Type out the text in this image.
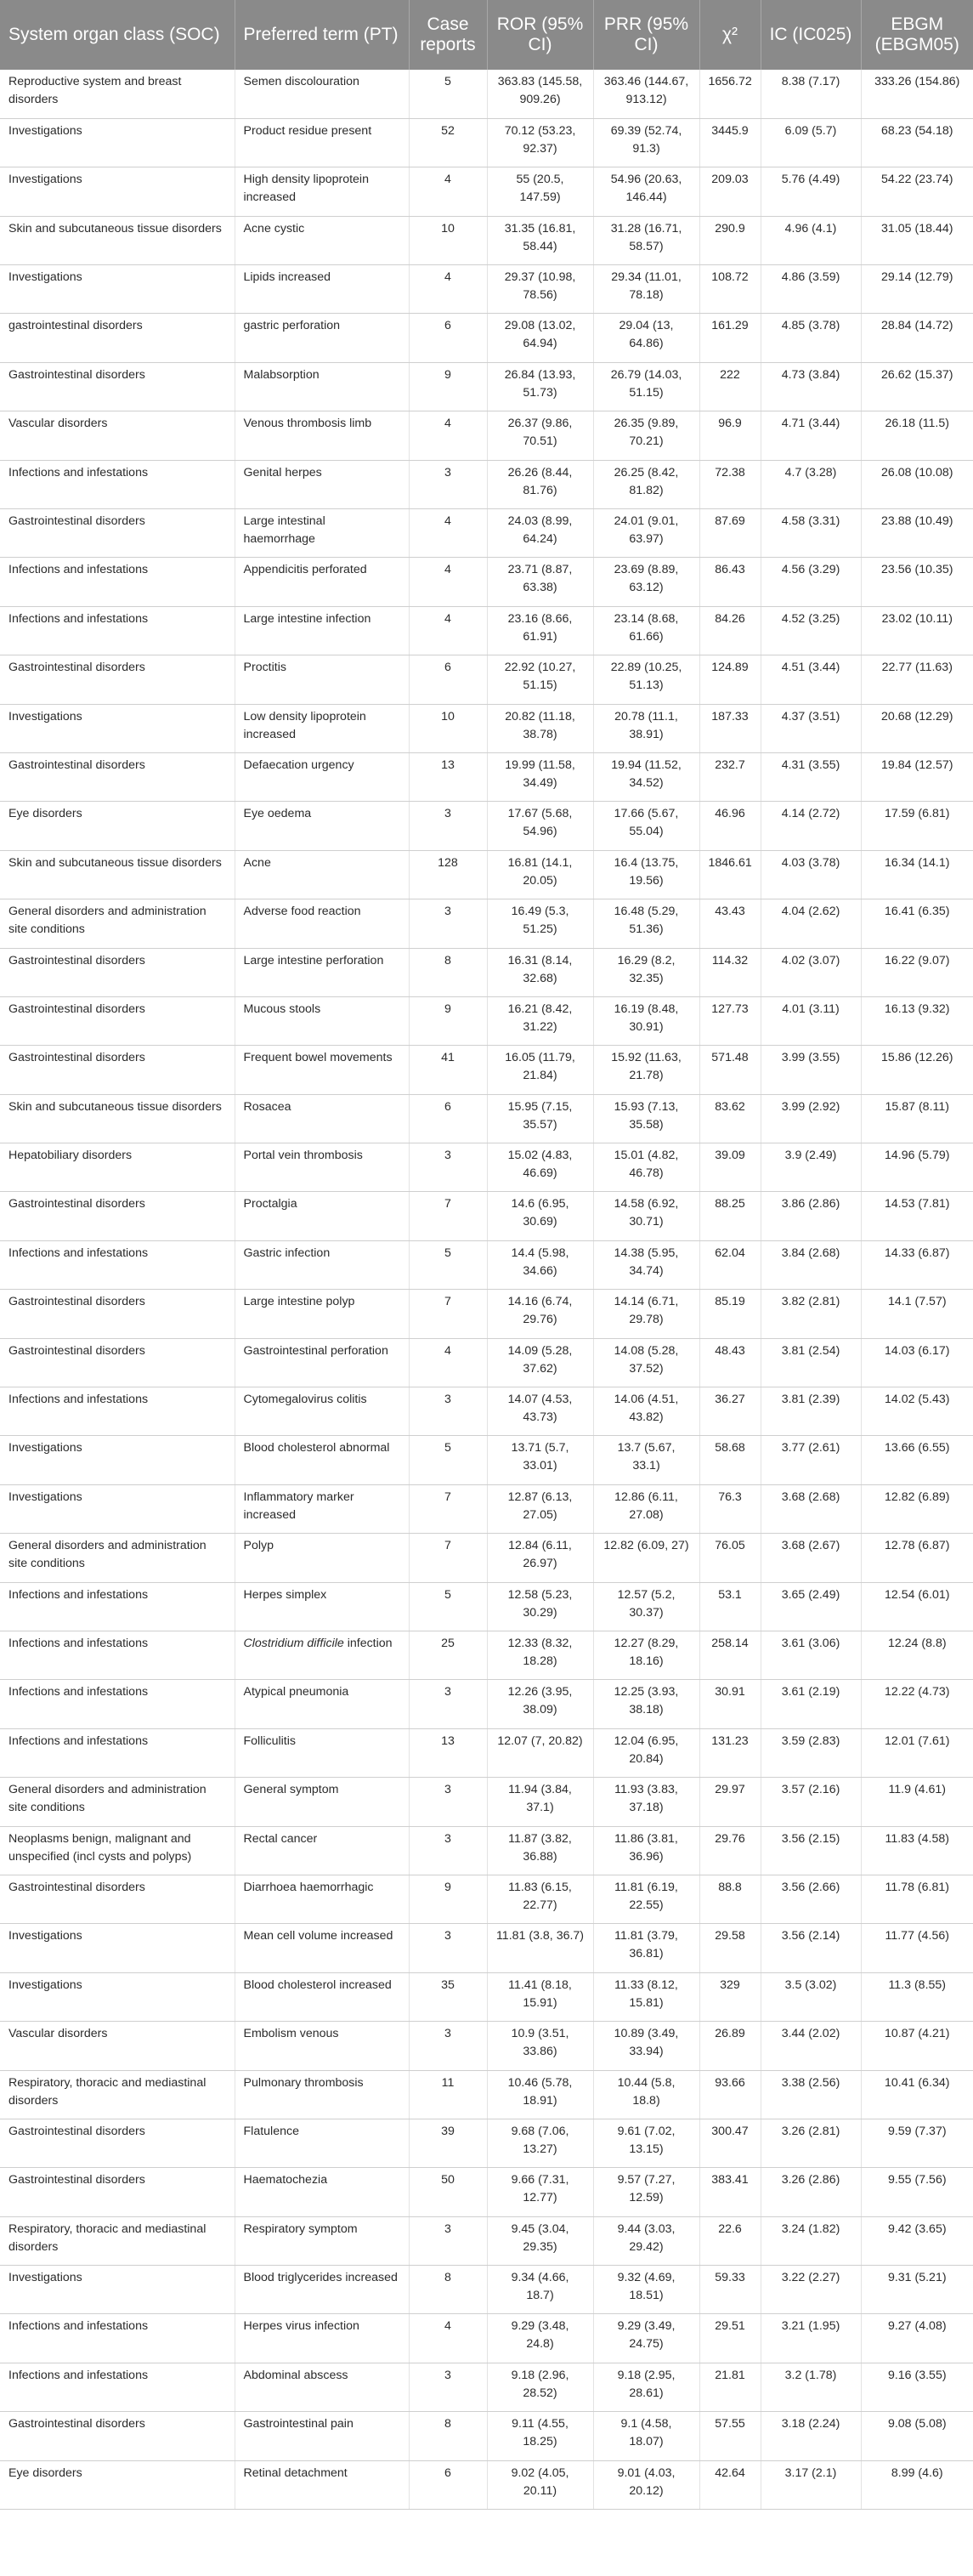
System organ class (SOC)	Preferred term (PT)	Case reports	ROR (95% CI)	PRR (95% CI)	χ²	IC (IC025)	EBGM (EBGM05)
Reproductive system and breast disorders	Semen discolouration	5	363.83 (145.58, 909.26)	363.46 (144.67, 913.12)	1656.72	8.38 (7.17)	333.26 (154.86)
Investigations	Product residue present	52	70.12 (53.23, 92.37)	69.39 (52.74, 91.3)	3445.9	6.09 (5.7)	68.23 (54.18)
Investigations	High density lipoprotein increased	4	55 (20.5, 147.59)	54.96 (20.63, 146.44)	209.03	5.76 (4.49)	54.22 (23.74)
Skin and subcutaneous tissue disorders	Acne cystic	10	31.35 (16.81, 58.44)	31.28 (16.71, 58.57)	290.9	4.96 (4.1)	31.05 (18.44)
Investigations	Lipids increased	4	29.37 (10.98, 78.56)	29.34 (11.01, 78.18)	108.72	4.86 (3.59)	29.14 (12.79)
gastrointestinal disorders	gastric perforation	6	29.08 (13.02, 64.94)	29.04 (13, 64.86)	161.29	4.85 (3.78)	28.84 (14.72)
Gastrointestinal disorders	Malabsorption	9	26.84 (13.93, 51.73)	26.79 (14.03, 51.15)	222	4.73 (3.84)	26.62 (15.37)
Vascular disorders	Venous thrombosis limb	4	26.37 (9.86, 70.51)	26.35 (9.89, 70.21)	96.9	4.71 (3.44)	26.18 (11.5)
Infections and infestations	Genital herpes	3	26.26 (8.44, 81.76)	26.25 (8.42, 81.82)	72.38	4.7 (3.28)	26.08 (10.08)
Gastrointestinal disorders	Large intestinal haemorrhage	4	24.03 (8.99, 64.24)	24.01 (9.01, 63.97)	87.69	4.58 (3.31)	23.88 (10.49)
Infections and infestations	Appendicitis perforated	4	23.71 (8.87, 63.38)	23.69 (8.89, 63.12)	86.43	4.56 (3.29)	23.56 (10.35)
Infections and infestations	Large intestine infection	4	23.16 (8.66, 61.91)	23.14 (8.68, 61.66)	84.26	4.52 (3.25)	23.02 (10.11)
Gastrointestinal disorders	Proctitis	6	22.92 (10.27, 51.15)	22.89 (10.25, 51.13)	124.89	4.51 (3.44)	22.77 (11.63)
Investigations	Low density lipoprotein increased	10	20.82 (11.18, 38.78)	20.78 (11.1, 38.91)	187.33	4.37 (3.51)	20.68 (12.29)
Gastrointestinal disorders	Defaecation urgency	13	19.99 (11.58, 34.49)	19.94 (11.52, 34.52)	232.7	4.31 (3.55)	19.84 (12.57)
Eye disorders	Eye oedema	3	17.67 (5.68, 54.96)	17.66 (5.67, 55.04)	46.96	4.14 (2.72)	17.59 (6.81)
Skin and subcutaneous tissue disorders	Acne	128	16.81 (14.1, 20.05)	16.4 (13.75, 19.56)	1846.61	4.03 (3.78)	16.34 (14.1)
General disorders and administration site conditions	Adverse food reaction	3	16.49 (5.3, 51.25)	16.48 (5.29, 51.36)	43.43	4.04 (2.62)	16.41 (6.35)
Gastrointestinal disorders	Large intestine perforation	8	16.31 (8.14, 32.68)	16.29 (8.2, 32.35)	114.32	4.02 (3.07)	16.22 (9.07)
Gastrointestinal disorders	Mucous stools	9	16.21 (8.42, 31.22)	16.19 (8.48, 30.91)	127.73	4.01 (3.11)	16.13 (9.32)
Gastrointestinal disorders	Frequent bowel movements	41	16.05 (11.79, 21.84)	15.92 (11.63, 21.78)	571.48	3.99 (3.55)	15.86 (12.26)
Skin and subcutaneous tissue disorders	Rosacea	6	15.95 (7.15, 35.57)	15.93 (7.13, 35.58)	83.62	3.99 (2.92)	15.87 (8.11)
Hepatobiliary disorders	Portal vein thrombosis	3	15.02 (4.83, 46.69)	15.01 (4.82, 46.78)	39.09	3.9 (2.49)	14.96 (5.79)
Gastrointestinal disorders	Proctalgia	7	14.6 (6.95, 30.69)	14.58 (6.92, 30.71)	88.25	3.86 (2.86)	14.53 (7.81)
Infections and infestations	Gastric infection	5	14.4 (5.98, 34.66)	14.38 (5.95, 34.74)	62.04	3.84 (2.68)	14.33 (6.87)
Gastrointestinal disorders	Large intestine polyp	7	14.16 (6.74, 29.76)	14.14 (6.71, 29.78)	85.19	3.82 (2.81)	14.1 (7.57)
Gastrointestinal disorders	Gastrointestinal perforation	4	14.09 (5.28, 37.62)	14.08 (5.28, 37.52)	48.43	3.81 (2.54)	14.03 (6.17)
Infections and infestations	Cytomegalovirus colitis	3	14.07 (4.53, 43.73)	14.06 (4.51, 43.82)	36.27	3.81 (2.39)	14.02 (5.43)
Investigations	Blood cholesterol abnormal	5	13.71 (5.7, 33.01)	13.7 (5.67, 33.1)	58.68	3.77 (2.61)	13.66 (6.55)
Investigations	Inflammatory marker increased	7	12.87 (6.13, 27.05)	12.86 (6.11, 27.08)	76.3	3.68 (2.68)	12.82 (6.89)
General disorders and administration site conditions	Polyp	7	12.84 (6.11, 26.97)	12.82 (6.09, 27)	76.05	3.68 (2.67)	12.78 (6.87)
Infections and infestations	Herpes simplex	5	12.58 (5.23, 30.29)	12.57 (5.2, 30.37)	53.1	3.65 (2.49)	12.54 (6.01)
Infections and infestations	Clostridium difficile infection	25	12.33 (8.32, 18.28)	12.27 (8.29, 18.16)	258.14	3.61 (3.06)	12.24 (8.8)
Infections and infestations	Atypical pneumonia	3	12.26 (3.95, 38.09)	12.25 (3.93, 38.18)	30.91	3.61 (2.19)	12.22 (4.73)
Infections and infestations	Folliculitis	13	12.07 (7, 20.82)	12.04 (6.95, 20.84)	131.23	3.59 (2.83)	12.01 (7.61)
General disorders and administration site conditions	General symptom	3	11.94 (3.84, 37.1)	11.93 (3.83, 37.18)	29.97	3.57 (2.16)	11.9 (4.61)
Neoplasms benign, malignant and unspecified (incl cysts and polyps)	Rectal cancer	3	11.87 (3.82, 36.88)	11.86 (3.81, 36.96)	29.76	3.56 (2.15)	11.83 (4.58)
Gastrointestinal disorders	Diarrhoea haemorrhagic	9	11.83 (6.15, 22.77)	11.81 (6.19, 22.55)	88.8	3.56 (2.66)	11.78 (6.81)
Investigations	Mean cell volume increased	3	11.81 (3.8, 36.7)	11.81 (3.79, 36.81)	29.58	3.56 (2.14)	11.77 (4.56)
Investigations	Blood cholesterol increased	35	11.41 (8.18, 15.91)	11.33 (8.12, 15.81)	329	3.5 (3.02)	11.3 (8.55)
Vascular disorders	Embolism venous	3	10.9 (3.51, 33.86)	10.89 (3.49, 33.94)	26.89	3.44 (2.02)	10.87 (4.21)
Respiratory, thoracic and mediastinal disorders	Pulmonary thrombosis	11	10.46 (5.78, 18.91)	10.44 (5.8, 18.8)	93.66	3.38 (2.56)	10.41 (6.34)
Gastrointestinal disorders	Flatulence	39	9.68 (7.06, 13.27)	9.61 (7.02, 13.15)	300.47	3.26 (2.81)	9.59 (7.37)
Gastrointestinal disorders	Haematochezia	50	9.66 (7.31, 12.77)	9.57 (7.27, 12.59)	383.41	3.26 (2.86)	9.55 (7.56)
Respiratory, thoracic and mediastinal disorders	Respiratory symptom	3	9.45 (3.04, 29.35)	9.44 (3.03, 29.42)	22.6	3.24 (1.82)	9.42 (3.65)
Investigations	Blood triglycerides increased	8	9.34 (4.66, 18.7)	9.32 (4.69, 18.51)	59.33	3.22 (2.27)	9.31 (5.21)
Infections and infestations	Herpes virus infection	4	9.29 (3.48, 24.8)	9.29 (3.49, 24.75)	29.51	3.21 (1.95)	9.27 (4.08)
Infections and infestations	Abdominal abscess	3	9.18 (2.96, 28.52)	9.18 (2.95, 28.61)	21.81	3.2 (1.78)	9.16 (3.55)
Gastrointestinal disorders	Gastrointestinal pain	8	9.11 (4.55, 18.25)	9.1 (4.58, 18.07)	57.55	3.18 (2.24)	9.08 (5.08)
Eye disorders	Retinal detachment	6	9.02 (4.05, 20.11)	9.01 (4.03, 20.12)	42.64	3.17 (2.1)	8.99 (4.6)
